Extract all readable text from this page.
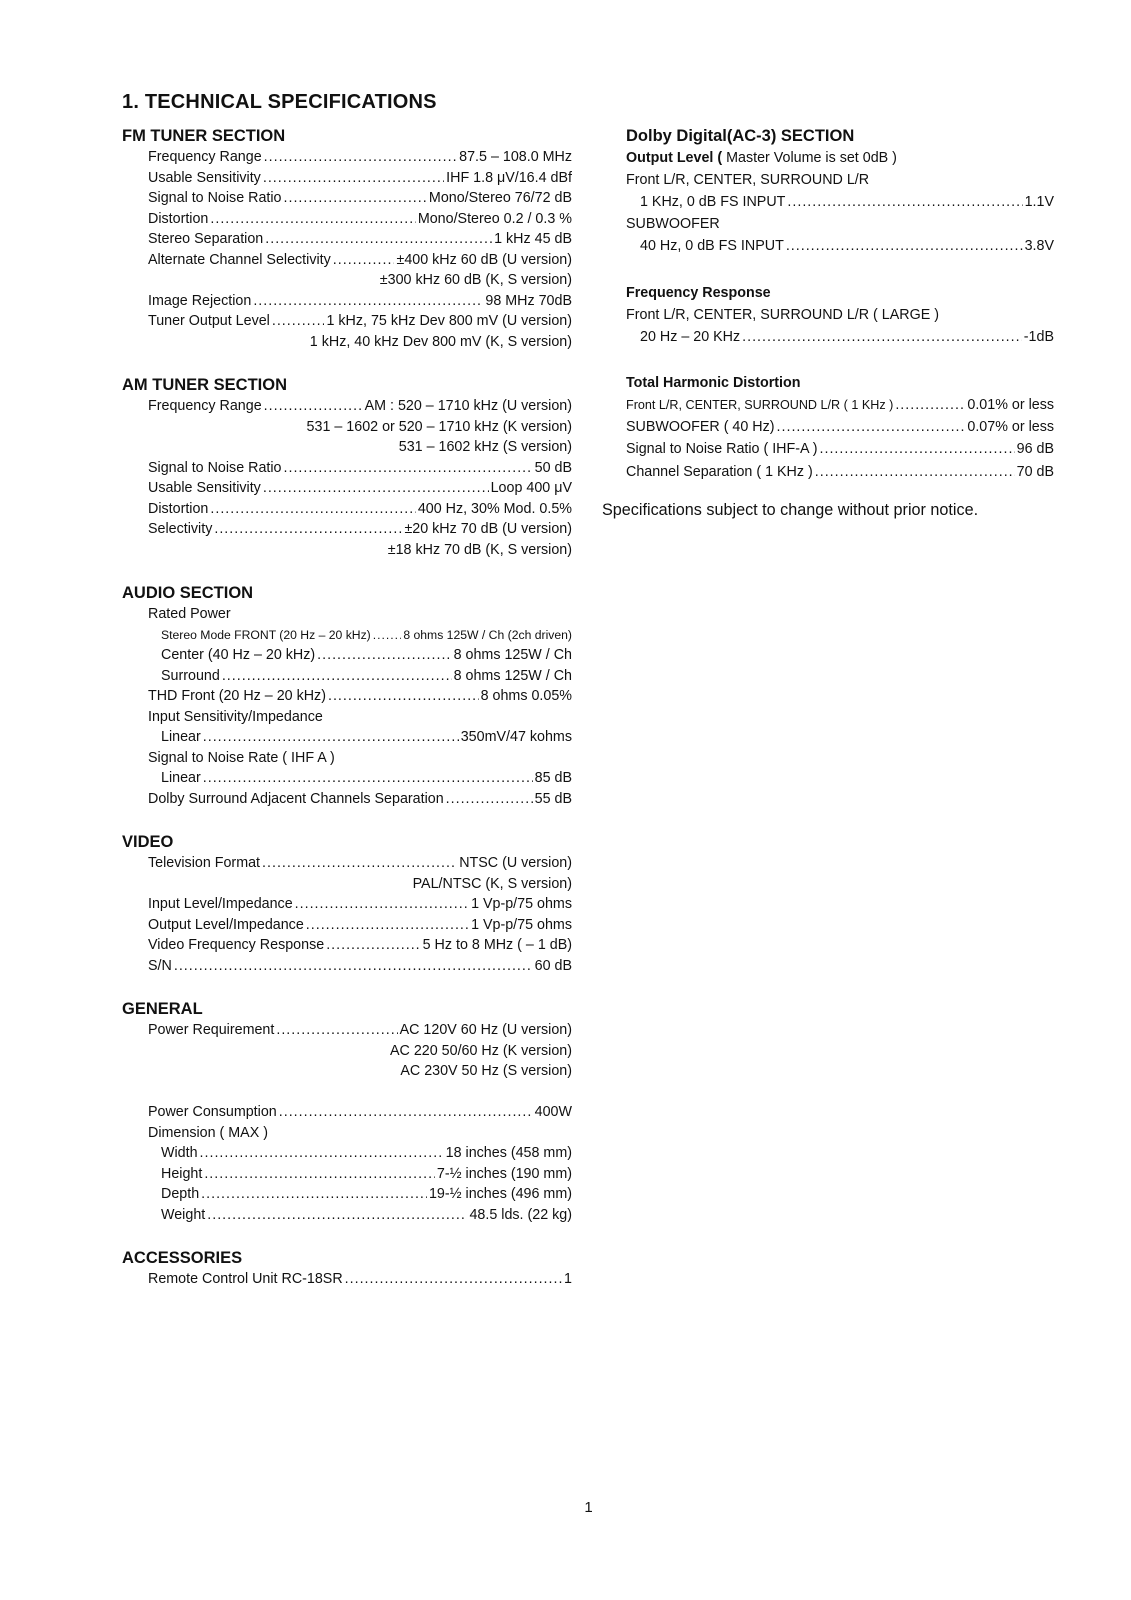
1. TECHNICAL SPECIFICATIONS
FM TUNER SECTION
Frequency Range .....	87.5 – 108.0 MHz
Usable Sensitivity .....	IHF 1.8 μV/16.4 dBf
Signal to Noise Ratio .....	Mono/Stereo 76/72 dB
Distortion .....	Mono/Stereo 0.2 / 0.3 %
Stereo Separation .....	1 kHz 45 dB
Alternate Channel Selectivity .....	±400 kHz 60 dB (U version)
±300 kHz 60 dB (K, S version)
Image Rejection .....	98 MHz 70dB
Tuner Output Level .....	1 kHz, 75 kHz Dev 800 mV (U version)
1 kHz, 40 kHz Dev 800 mV (K, S version)
AM TUNER SECTION
Frequency Range .....	AM : 520 – 1710 kHz (U version)
531 – 1602 or 520 – 1710 kHz (K version)
531 – 1602 kHz (S version)
Signal to Noise Ratio .....	50 dB
Usable Sensitivity .....	Loop 400 μV
Distortion .....	400 Hz, 30% Mod. 0.5%
Selectivity .....	±20 kHz 70 dB (U version)
±18 kHz 70 dB (K, S version)
AUDIO SECTION
Rated Power
Stereo Mode FRONT (20 Hz – 20 kHz) .....	8 ohms 125W / Ch (2ch driven)
Center (40 Hz – 20 kHz) .....	8 ohms 125W / Ch
Surround .....	8 ohms 125W / Ch
THD Front (20 Hz – 20 kHz) .....	8 ohms 0.05%
Input Sensitivity/Impedance
Linear .....	350mV/47 kohms
Signal to Noise Rate ( IHF A )
Linear .....	85 dB
Dolby Surround Adjacent Channels Separation .....	55 dB
VIDEO
Television Format .....	NTSC (U version)
PAL/NTSC (K, S version)
Input Level/Impedance .....	1 Vp-p/75 ohms
Output Level/Impedance .....	1 Vp-p/75 ohms
Video Frequency Response .....	5 Hz to 8 MHz ( – 1 dB)
S/N .....	60 dB
GENERAL
Power Requirement .....	AC 120V 60 Hz (U version)
AC 220 50/60 Hz (K version)
AC 230V 50 Hz (S version)
Power Consumption .....	400W
Dimension ( MAX )
Width .....	18 inches (458 mm)
Height .....	7-½ inches (190 mm)
Depth .....	19-½ inches (496 mm)
Weight .....	48.5 lds. (22 kg)
ACCESSORIES
Remote Control Unit RC-18SR .....	1
Dolby Digital(AC-3) SECTION
Output Level ( Master Volume is set 0dB )
Front L/R, CENTER, SURROUND L/R
1 KHz, 0 dB FS INPUT .....	1.1V
SUBWOOFER
40 Hz, 0 dB FS INPUT .....	3.8V
Frequency Response
Front L/R, CENTER, SURROUND L/R ( LARGE )
20 Hz – 20 KHz .....	-1dB
Total Harmonic Distortion
Front L/R, CENTER, SURROUND L/R ( 1 KHz ) .....	0.01% or less
SUBWOOFER ( 40 Hz) .....	0.07% or less
Signal to Noise Ratio ( IHF-A ) .....	96 dB
Channel Separation ( 1 KHz ) .....	70 dB
Specifications subject to change without prior notice.
1
